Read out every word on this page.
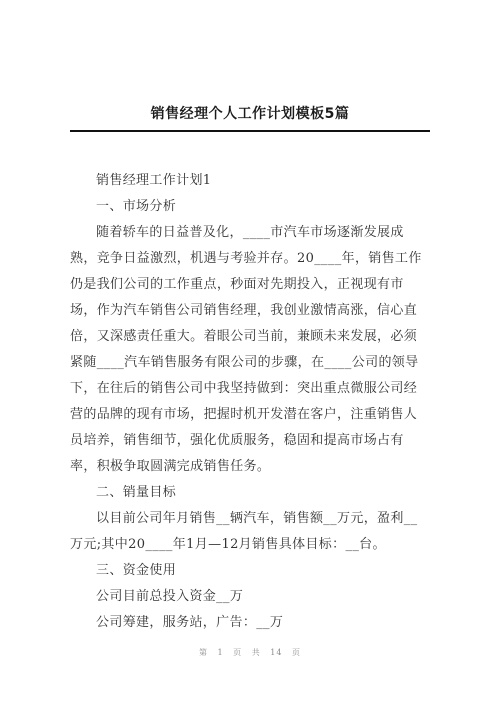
销售经理个人工作计划模板5篇

销售经理工作计划1

一、市场分析

随着轿车的日益普及化，____市汽车市场逐渐发展成熟，竞争日益激烈，机遇与考验并存。20____年，销售工作仍是我们公司的工作重点，秒面对先期投入，正视现有市场，作为汽车销售公司销售经理，我创业激情高涨，信心直倍，又深感责任重大。着眼公司当前，兼顾未来发展，必须紧随____汽车销售服务有限公司的步骤，在____公司的领导下，在往后的销售公司中我坚持做到：突出重点微服公司经营的品牌的现有市场，把握时机开发潜在客户，注重销售人员培养，销售细节，强化优质服务，稳固和提高市场占有率，积极争取圆满完成销售任务。

二、销量目标

以目前公司年月销售__辆汽车，销售额__万元，盈利__万元;其中20____年1月—12月销售具体目标：__台。

三、资金使用

公司目前总投入资金__万

公司筹建，服务站，广告：__万

第 1 页 共 14 页
